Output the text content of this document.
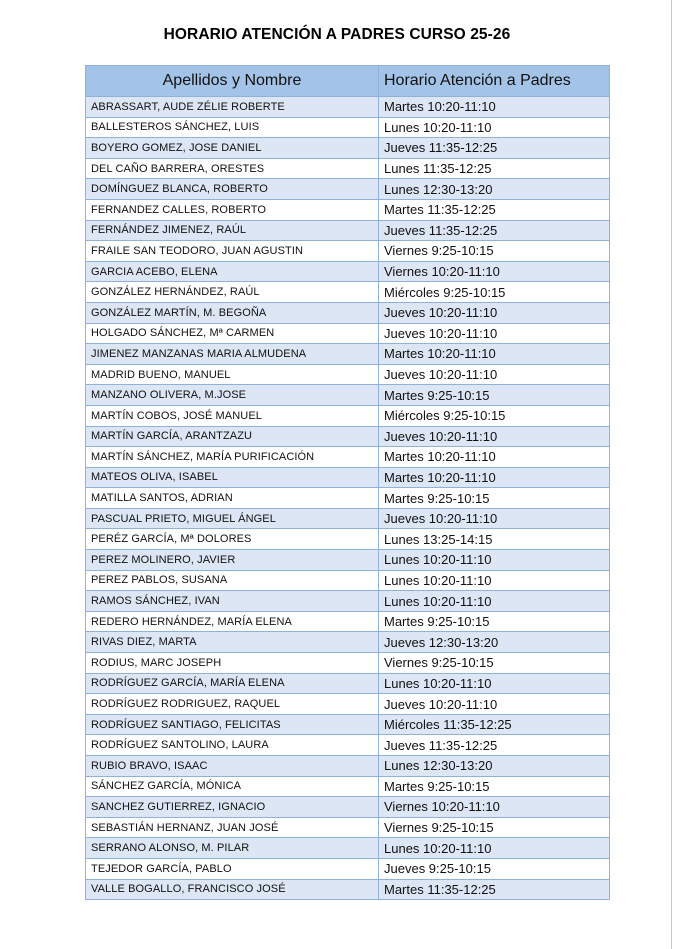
HORARIO ATENCIÓN A PADRES CURSO 25-26
Apellidos y Nombre	Horario Atención a Padres
ABRASSART, AUDE ZÉLIE ROBERTE	Martes 10:20-11:10
BALLESTEROS SÁNCHEZ, LUIS	Lunes 10:20-11:10
BOYERO GOMEZ, JOSE DANIEL	Jueves 11:35-12:25
DEL CAÑO BARRERA, ORESTES	Lunes 11:35-12:25
DOMÍNGUEZ BLANCA, ROBERTO	Lunes 12:30-13:20
FERNANDEZ CALLES, ROBERTO	Martes 11:35-12:25
FERNÁNDEZ JIMENEZ, RAÚL	Jueves 11:35-12:25
FRAILE SAN TEODORO, JUAN AGUSTIN	Viernes 9:25-10:15
GARCIA ACEBO, ELENA	Viernes 10:20-11:10
GONZÁLEZ HERNÁNDEZ, RAÚL	Miércoles 9:25-10:15
GONZÁLEZ MARTÍN, M. BEGOÑA	Jueves 10:20-11:10
HOLGADO SÁNCHEZ, Mª CARMEN	Jueves 10:20-11:10
JIMENEZ MANZANAS MARIA ALMUDENA	Martes 10:20-11:10
MADRID BUENO, MANUEL	Jueves 10:20-11:10
MANZANO OLIVERA, M.JOSE	Martes 9:25-10:15
MARTÍN COBOS, JOSÉ MANUEL	Miércoles 9:25-10:15
MARTÍN GARCÍA, ARANTZAZU	Jueves 10:20-11:10
MARTÍN SÁNCHEZ, MARÍA PURIFICACIÓN	Martes 10:20-11:10
MATEOS OLIVA, ISABEL	Martes 10:20-11:10
MATILLA SANTOS, ADRIAN	Martes 9:25-10:15
PASCUAL PRIETO, MIGUEL ÁNGEL	Jueves 10:20-11:10
PERÉZ GARCÍA, Mª DOLORES	Lunes 13:25-14:15
PEREZ MOLINERO, JAVIER	Lunes 10:20-11:10
PEREZ PABLOS, SUSANA	Lunes 10:20-11:10
RAMOS SÁNCHEZ, IVAN	Lunes 10:20-11:10
REDERO HERNÁNDEZ, MARÍA ELENA	Martes 9:25-10:15
RIVAS DIEZ, MARTA	Jueves 12:30-13:20
RODIUS, MARC JOSEPH	Viernes 9:25-10:15
RODRÍGUEZ GARCÍA, MARÍA ELENA	Lunes 10:20-11:10
RODRÍGUEZ RODRIGUEZ, RAQUEL	Jueves 10:20-11:10
RODRÍGUEZ SANTIAGO, FELICITAS	Miércoles 11:35-12:25
RODRÍGUEZ SANTOLINO, LAURA	Jueves 11:35-12:25
RUBIO BRAVO, ISAAC	Lunes 12:30-13:20
SÁNCHEZ GARCÍA, MÓNICA	Martes 9:25-10:15
SANCHEZ GUTIERREZ, IGNACIO	Viernes 10:20-11:10
SEBASTIÁN HERNANZ, JUAN JOSÉ	Viernes 9:25-10:15
SERRANO ALONSO, M. PILAR	Lunes 10:20-11:10
TEJEDOR GARCÍA, PABLO	Jueves 9:25-10:15
VALLE BOGALLO, FRANCISCO JOSÉ	Martes 11:35-12:25
